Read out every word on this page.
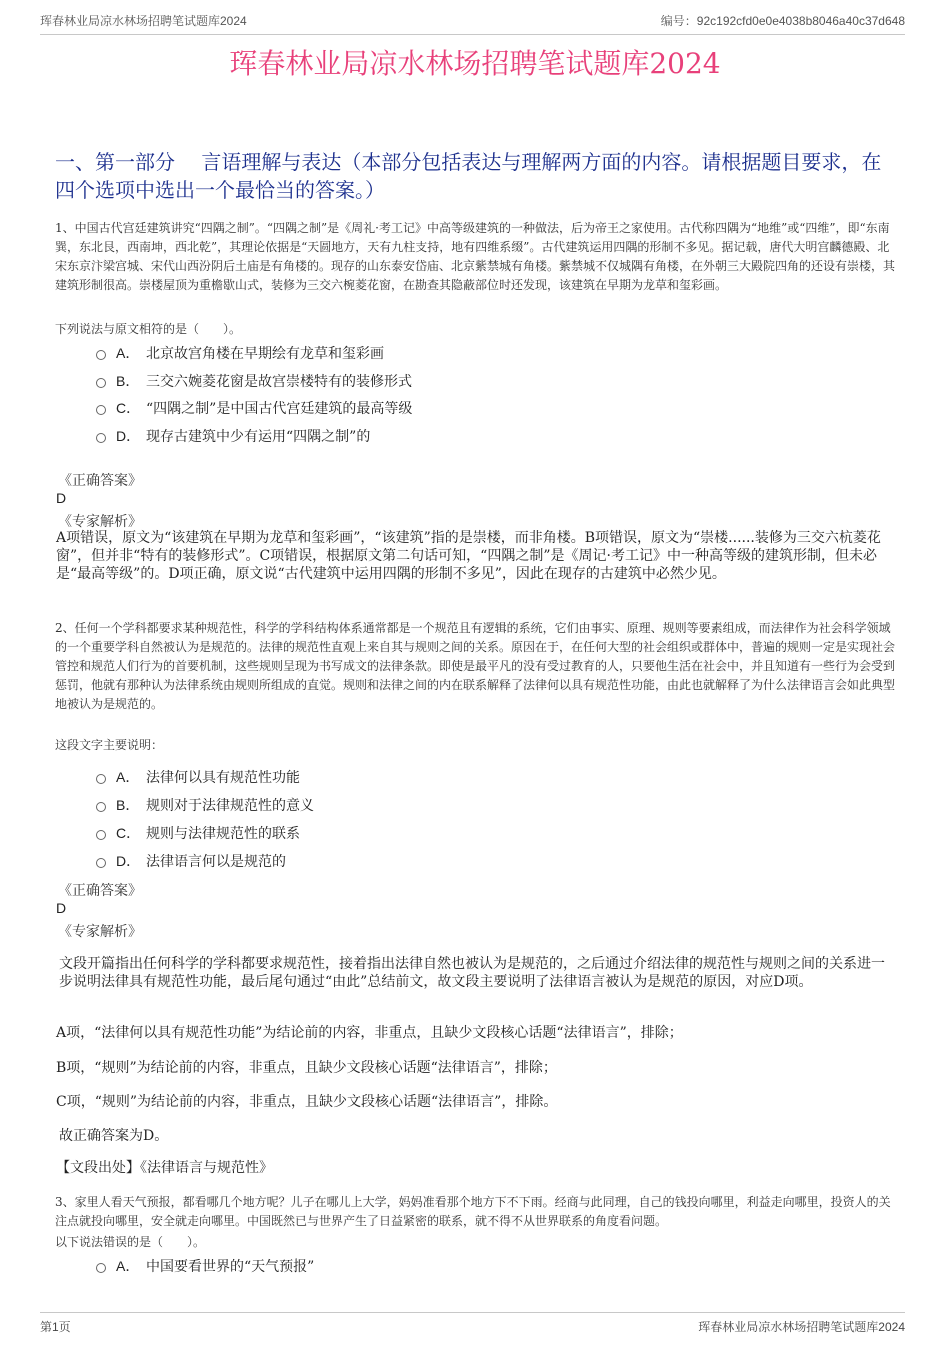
珲春林业局凉水林场招聘笔试题库2024	编号：92c192cfd0e0e4038b8046a40c37d648
珲春林业局凉水林场招聘笔试题库2024
一、第一部分　 言语理解与表达（本部分包括表达与理解两方面的内容。请根据题目要求，在四个选项中选出一个最恰当的答案。）
1、中国古代宫廷建筑讲究“四隅之制”。“四隅之制”是《周礼·考工记》中高等级建筑的一种做法，后为帝王之家使用。古代称四隅为“地维”或“四维”，即“东南巽，东北艮，西南坤，西北乾”，其理论依据是“天圆地方，天有九柱支持，地有四维系缀”。古代建筑运用四隅的形制不多见。据记载，唐代大明宫麟德殿、北宋东京汴梁宫城、宋代山西汾阴后土庙是有角楼的。现存的山东泰安岱庙、北京紫禁城有角楼。紫禁城不仅城隅有角楼，在外朝三大殿院四角的还设有崇楼，其建筑形制很高。崇楼屋顶为重檐歇山式，装修为三交六椀菱花窗，在勘查其隐蔽部位时还发现，该建筑在早期为龙草和玺彩画。
下列说法与原文相符的是（　　）。
A． 北京故宫角楼在早期绘有龙草和玺彩画
B． 三交六婉菱花窗是故宫崇楼特有的装修形式
C． “四隅之制”是中国古代宫廷建筑的最高等级
D． 现存古建筑中少有运用“四隅之制”的
《正确答案》
D
《专家解析》
A项错误，原文为“该建筑在早期为龙草和玺彩画”，“该建筑”指的是崇楼，而非角楼。B项错误，原文为“崇楼......装修为三交六杭菱花窗”，但并非“特有的装修形式”。C项错误，根据原文第二句话可知，“四隅之制”是《周记·考工记》中一种高等级的建筑形制，但未必是“最高等级”的。D项正确，原文说“古代建筑中运用四隅的形制不多见”，因此在现存的古建筑中必然少见。
2、任何一个学科都要求某种规范性，科学的学科结构体系通常都是一个规范且有逻辑的系统，它们由事实、原理、规则等要素组成，而法律作为社会科学领域的一个重要学科自然被认为是规范的。法律的规范性直观上来自其与规则之间的关系。原因在于，在任何大型的社会组织或群体中，普遍的规则一定是实现社会管控和规范人们行为的首要机制，这些规则呈现为书写成文的法律条款。即使是最平凡的没有受过教育的人，只要他生活在社会中，并且知道有一些行为会受到惩罚，他就有那种认为法律系统由规则所组成的直觉。规则和法律之间的内在联系解释了法律何以具有规范性功能，由此也就解释了为什么法律语言会如此典型地被认为是规范的。
这段文字主要说明：
A． 法律何以具有规范性功能
B． 规则对于法律规范性的意义
C． 规则与法律规范性的联系
D． 法律语言何以是规范的
《正确答案》
D
《专家解析》
文段开篇指出任何科学的学科都要求规范性，接着指出法律自然也被认为是规范的，之后通过介绍法律的规范性与规则之间的关系进一步说明法律具有规范性功能，最后尾句通过“由此”总结前文，故文段主要说明了法律语言被认为是规范的原因，对应D项。
A项，“法律何以具有规范性功能”为结论前的内容，非重点，且缺少文段核心话题“法律语言”，排除；
B项，“规则”为结论前的内容，非重点，且缺少文段核心话题“法律语言”，排除；
C项，“规则”为结论前的内容，非重点，且缺少文段核心话题“法律语言”，排除。
故正确答案为D。
【文段出处】《法律语言与规范性》
3、家里人看天气预报，都看哪几个地方呢？儿子在哪儿上大学，妈妈准看那个地方下不下雨。经商与此同理，自己的钱投向哪里，利益走向哪里，投资人的关注点就投向哪里，安全就走向哪里。中国既然已与世界产生了日益紧密的联系，就不得不从世界联系的角度看问题。
以下说法错误的是（　　）。
A． 中国要看世界的“天气预报”
第1页	珲春林业局凉水林场招聘笔试题库2024
